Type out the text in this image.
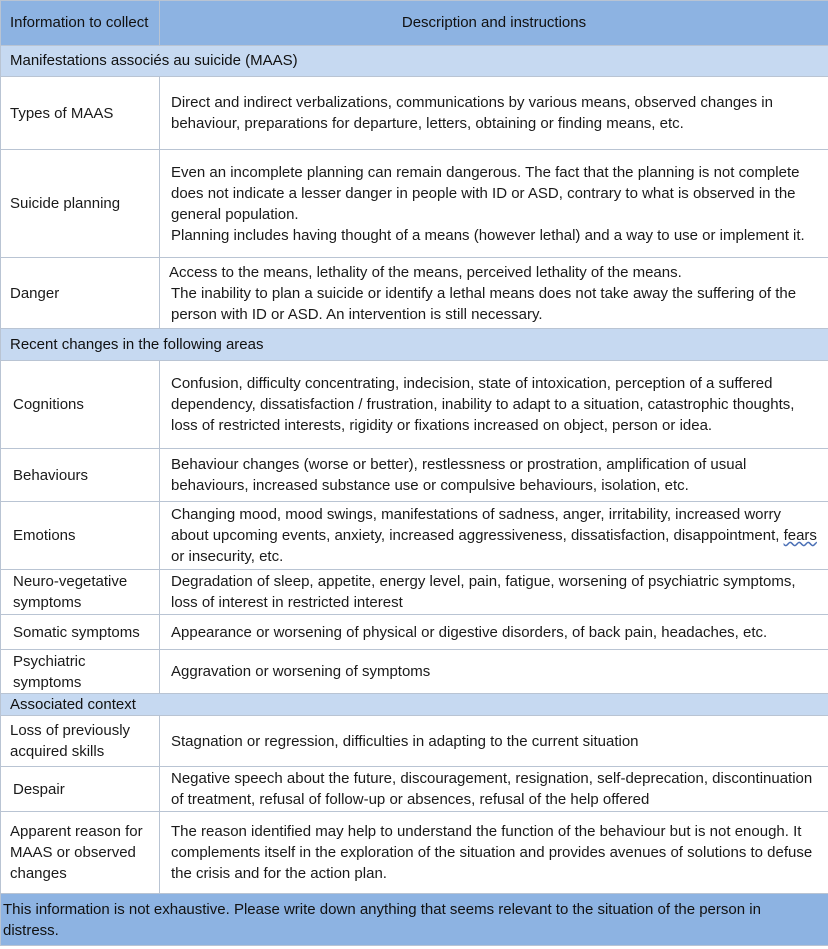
Information to collect	Description and instructions
Manifestations associés au suicide (MAAS)	
Types of MAAS	Direct and indirect verbalizations, communications by various means, observed changes in behaviour, preparations for departure, letters, obtaining or finding means, etc.

Suicide planning	Even an incomplete planning can remain dangerous. The fact that the planning is not complete does not indicate a lesser danger in people with ID or ASD, contrary to what is observed in the general population.
Planning includes having thought of a means (however lethal) and a way to use or implement it.

Danger	Access to the means, lethality of the means, perceived lethality of the means.
The inability to plan a suicide or identify a lethal means does not take away the suffering of the person with ID or ASD. An intervention is still necessary.

Recent changes in the following areas	
Cognitions	Confusion, difficulty concentrating, indecision, state of intoxication, perception of a suffered dependency, dissatisfaction / frustration, inability to adapt to a situation, catastrophic thoughts, loss of restricted interests, rigidity or fixations increased on object, person or idea.

Behaviours	Behaviour changes (worse or better), restlessness or prostration, amplification of usual behaviours, increased substance use or compulsive behaviours, isolation, etc.

Emotions	Changing mood, mood swings, manifestations of sadness, anger, irritability, increased worry about upcoming events, anxiety, increased aggressiveness, dissatisfaction, disappointment, fears or insecurity, etc.
Neuro-vegetative symptoms	Degradation of sleep, appetite, energy level, pain, fatigue, worsening of psychiatric symptoms, loss of interest in restricted interest

Somatic symptoms	Appearance or worsening of physical or digestive disorders, of back pain, headaches, etc.

Psychiatric symptoms	Aggravation or worsening of symptoms

Associated context	
Loss of previously acquired skills	Stagnation or regression, difficulties in adapting to the current situation

Despair	Negative speech about the future, discouragement, resignation, self-deprecation, discontinuation of treatment, refusal of follow-up or absences, refusal of the help offered

Apparent reason for MAAS or observed changes	The reason identified may help to understand the function of the behaviour but is not enough. It complements itself in the exploration of the situation and provides avenues of solutions to defuse the crisis and for the action plan.

This information is not exhaustive. Please write down anything that seems relevant to the situation of the person in distress.	
